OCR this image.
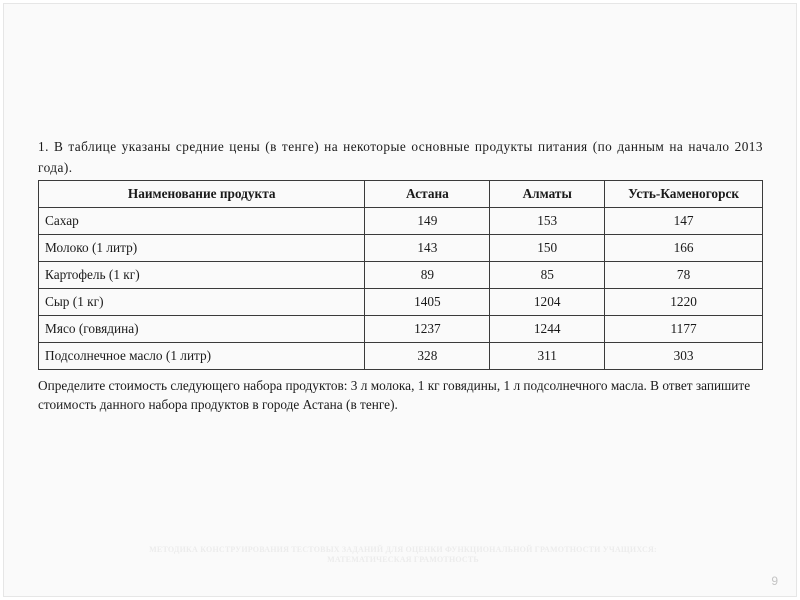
1. В таблице указаны средние цены (в тенге) на некоторые основные продукты питания (по данным на начало 2013 года).

Наименование продукта	Астана	Алматы	Усть-Каменогорск
Сахар	149	153	147
Молоко (1 литр)	143	150	166
Картофель (1 кг)	89	85	78
Сыр (1 кг)	1405	1204	1220
Мясо (говядина)	1237	1244	1177
Подсолнечное масло (1 литр)	328	311	303

Определите стоимость следующего набора продуктов: 3 л молока, 1 кг говядины, 1 л подсолнечного масла. В ответ запишите стоимость данного набора продуктов в городе Астана (в тенге).

МЕТОДИКА КОНСТРУИРОВАНИЯ ТЕСТОВЫХ ЗАДАНИЙ ДЛЯ ОЦЕНКИ ФУНКЦИОНАЛЬНОЙ ГРАМОТНОСТИ УЧАЩИХСЯ:
МАТЕМАТИЧЕСКАЯ ГРАМОТНОСТЬ
9
